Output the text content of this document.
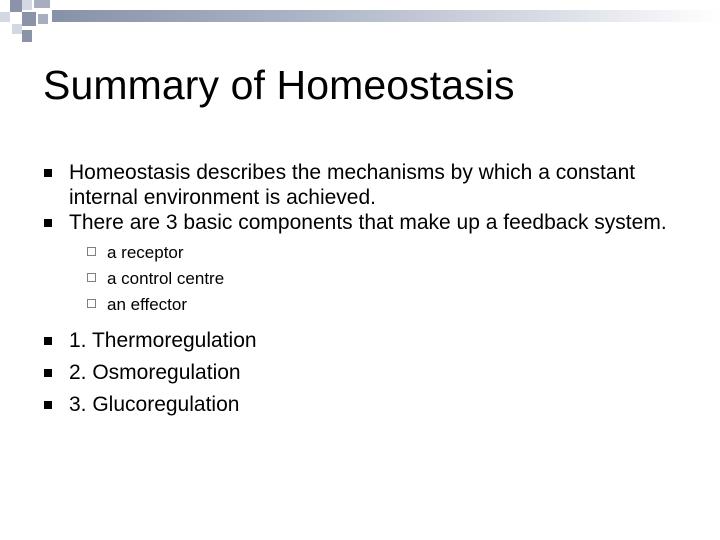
Summary of Homeostasis
Homeostasis describes the mechanisms by which a constant internal environment is achieved.
There are 3 basic components that make up a feedback system.
a receptor
a control centre
an effector
1. Thermoregulation
2. Osmoregulation
3. Glucoregulation
